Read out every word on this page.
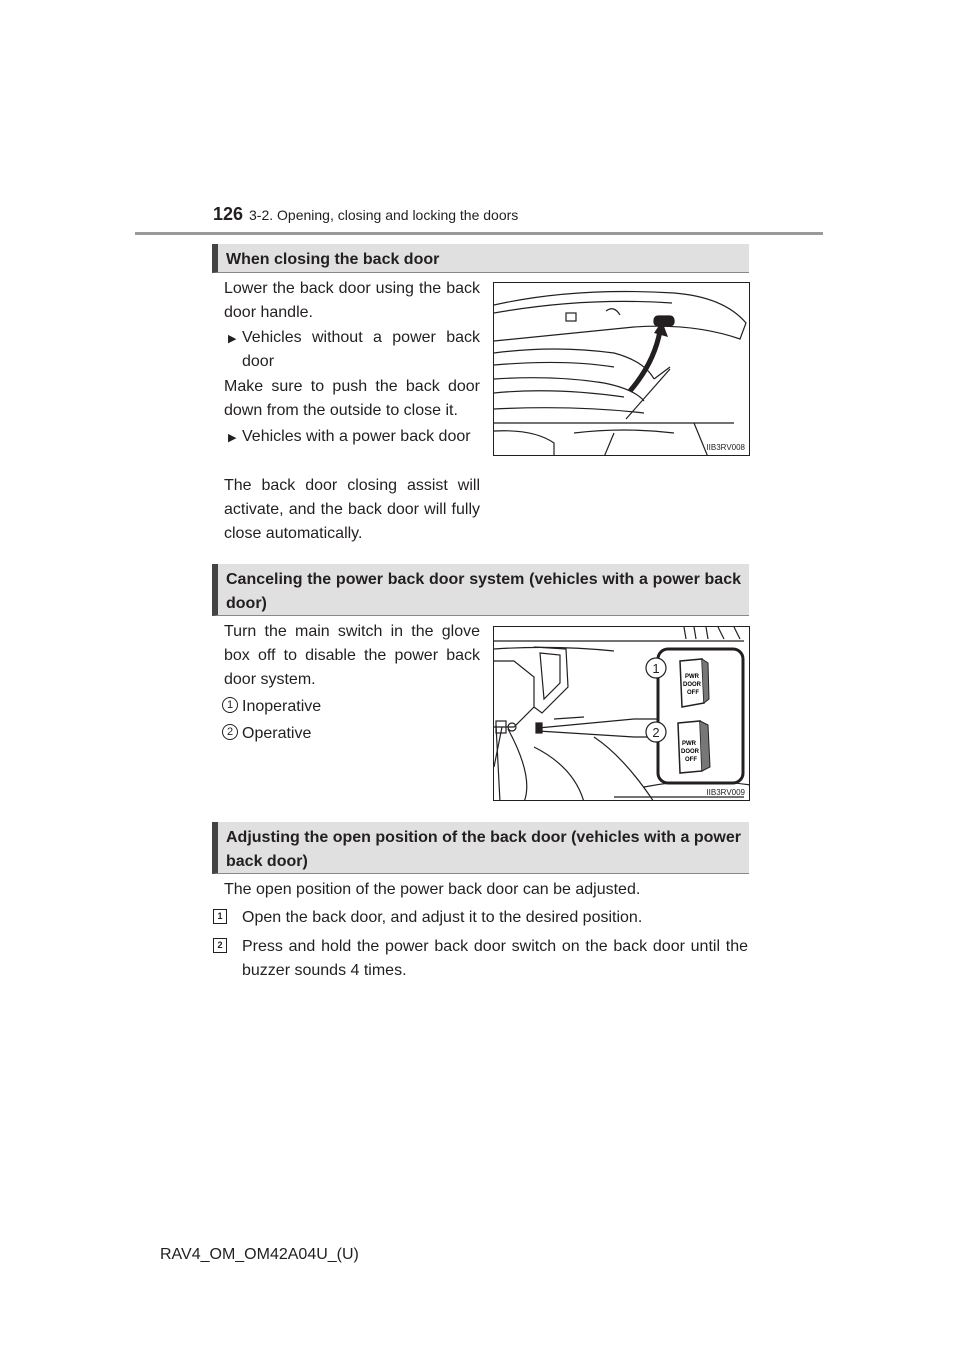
126 3-2. Opening, closing and locking the doors
When closing the back door
Lower the back door using the back door handle.
▶ Vehicles without a power back door
Make sure to push the back door down from the outside to close it.
▶ Vehicles with a power back door
The back door closing assist will activate, and the back door will fully close automatically.
IIB3RV008
Canceling the power back door system (vehicles with a power back door)
Turn the main switch in the glove box off to disable the power back door system.
1 Inoperative
2 Operative
1
2
PWR
DOOR
OFF
PWR
DOOR
OFF
IIB3RV009
Adjusting the open position of the back door (vehicles with a power back door)
The open position of the power back door can be adjusted.
1 Open the back door, and adjust it to the desired position.
2 Press and hold the power back door switch on the back door until the buzzer sounds 4 times.
RAV4_OM_OM42A04U_(U)
